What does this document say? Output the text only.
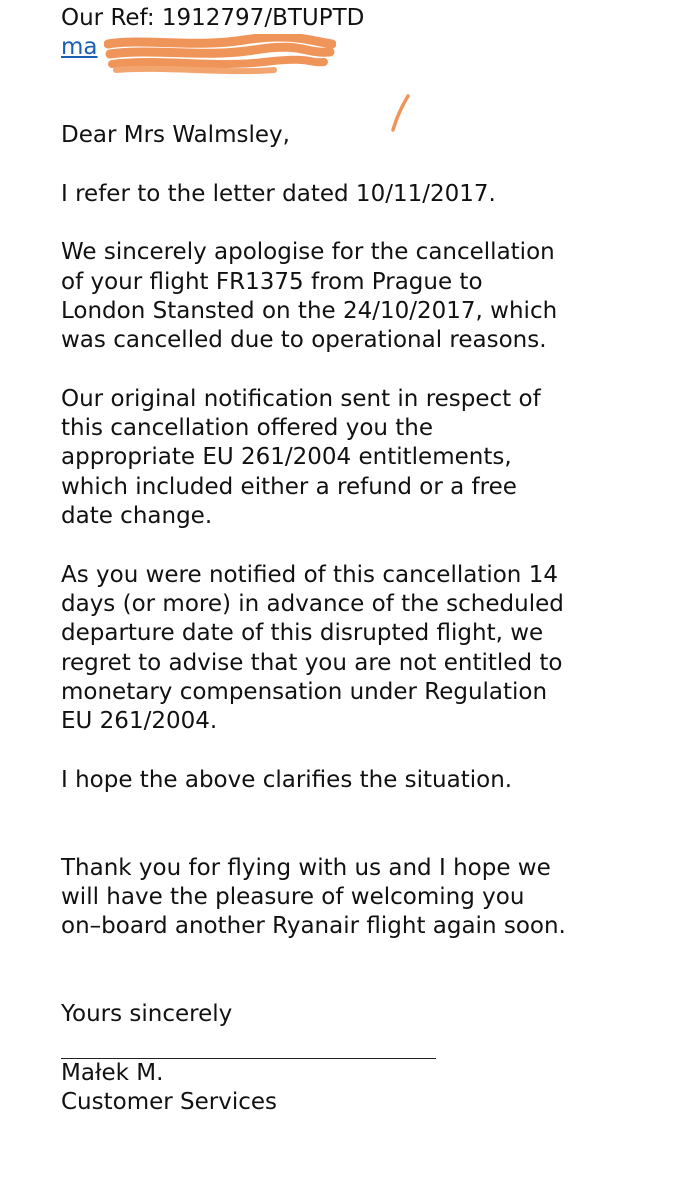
Our Ref: 1912797/BTUPTD
ma
Dear Mrs Walmsley,
I refer to the letter dated 10/11/2017.
We sincerely apologise for the cancellation
of your flight FR1375 from Prague to
London Stansted on the 24/10/2017, which
was cancelled due to operational reasons.
Our original notification sent in respect of
this cancellation offered you the
appropriate EU 261/2004 entitlements,
which included either a refund or a free
date change.
As you were notified of this cancellation 14
days (or more) in advance of the scheduled
departure date of this disrupted flight, we
regret to advise that you are not entitled to
monetary compensation under Regulation
EU 261/2004.
I hope the above clarifies the situation.
Thank you for flying with us and I hope we
will have the pleasure of welcoming you
on–board another Ryanair flight again soon.
Yours sincerely
Małek M.
Customer Services
